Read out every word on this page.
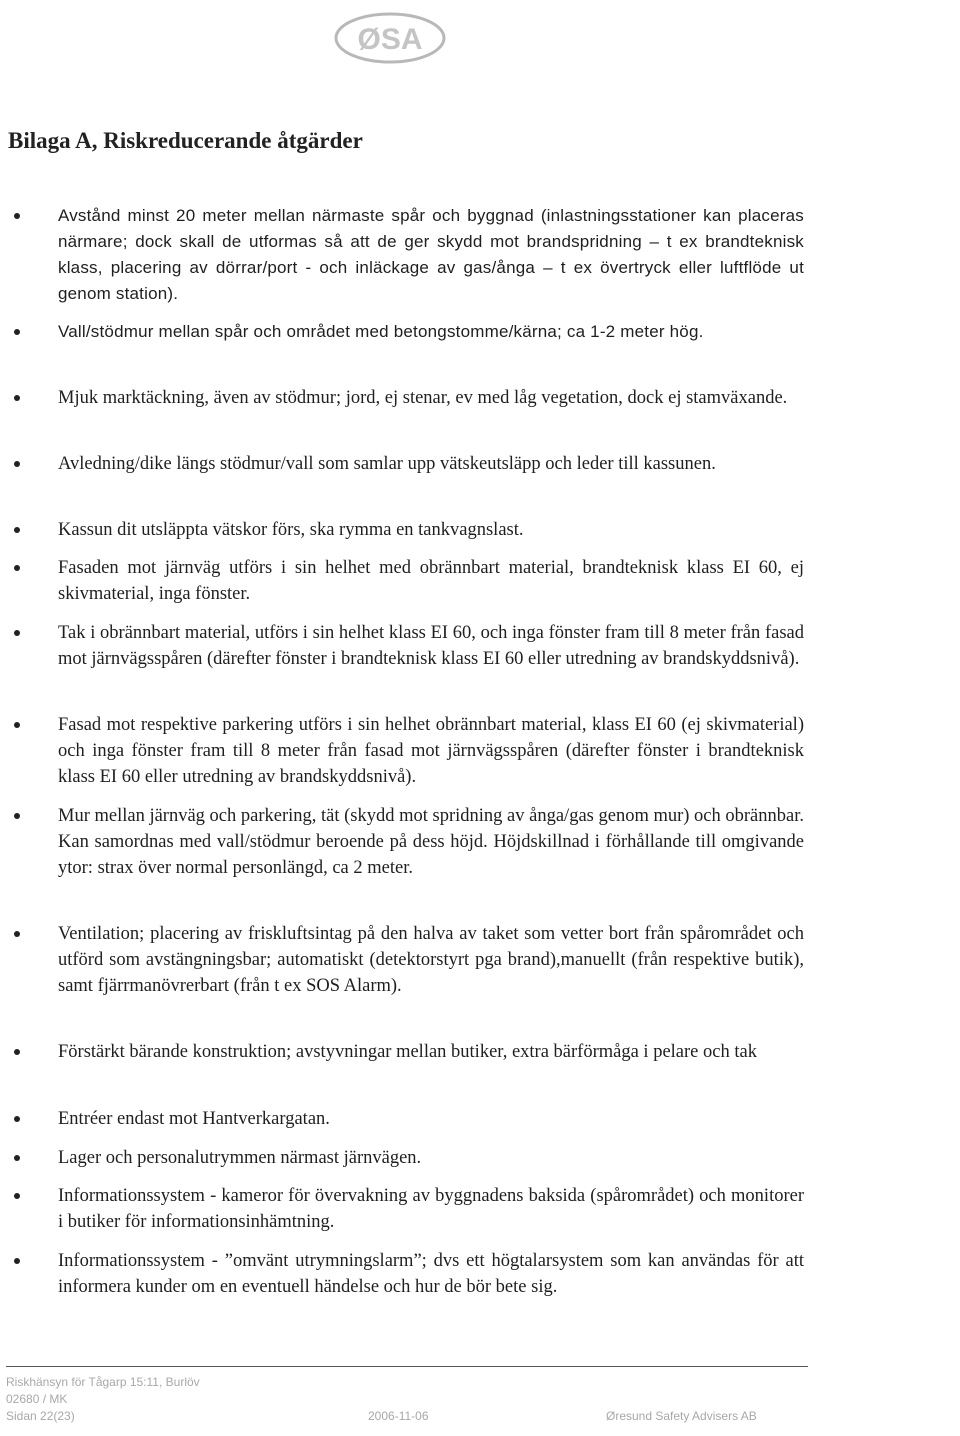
ØSA
Bilaga A, Riskreducerande åtgärder
Avstånd minst 20 meter mellan närmaste spår och byggnad (inlastningsstationer kan placeras närmare; dock skall de utformas så att de ger skydd mot brandspridning – t ex brandteknisk klass, placering av dörrar/port - och inläckage av gas/ånga – t ex övertryck eller luftflöde ut genom station).
Vall/stödmur mellan spår och området med betongstomme/kärna; ca 1-2 meter hög.
Mjuk marktäckning, även av stödmur; jord, ej stenar, ev med låg vegetation, dock ej stamväxande.
Avledning/dike längs stödmur/vall som samlar upp vätskeutsläpp och leder till kassunen.
Kassun dit utsläppta vätskor förs, ska rymma en tankvagnslast.
Fasaden mot järnväg utförs i sin helhet med obrännbart material, brandteknisk klass EI 60, ej skivmaterial, inga fönster.
Tak i obrännbart material, utförs i sin helhet klass EI 60, och inga fönster fram till 8 meter från fasad mot järnvägsspåren (därefter fönster i brandteknisk klass EI 60 eller utredning av brandskyddsnivå).
Fasad mot respektive parkering utförs i sin helhet obrännbart material, klass EI 60 (ej skivmaterial) och inga fönster fram till 8 meter från fasad mot järnvägsspåren (därefter fönster i brandteknisk klass EI 60 eller utredning av brandskyddsnivå).
Mur mellan järnväg och parkering, tät (skydd mot spridning av ånga/gas genom mur) och obrännbar. Kan samordnas med vall/stödmur beroende på dess höjd. Höjdskillnad i förhållande till omgivande ytor: strax över normal personlängd, ca 2 meter.
Ventilation; placering av friskluftsintag på den halva av taket som vetter bort från spårområdet och utförd som avstängningsbar; automatiskt (detektorstyrt pga brand),manuellt (från respektive butik), samt fjärrmanövrerbart (från t ex SOS Alarm).
Förstärkt bärande konstruktion; avstyvningar mellan butiker, extra bärförmåga i pelare och tak
Entréer endast mot Hantverkargatan.
Lager och personalutrymmen närmast järnvägen.
Informationssystem - kameror för övervakning av byggnadens baksida (spårområdet) och monitorer i butiker för informationsinhämtning.
Informationssystem - ”omvänt utrymningslarm”; dvs ett högtalarsystem som kan användas för att informera kunder om en eventuell händelse och hur de bör bete sig.
Riskhänsyn för Tågarp 15:11, Burlöv
02680 / MK
Sidan 22(23)	2006-11-06	Øresund Safety Advisers AB
